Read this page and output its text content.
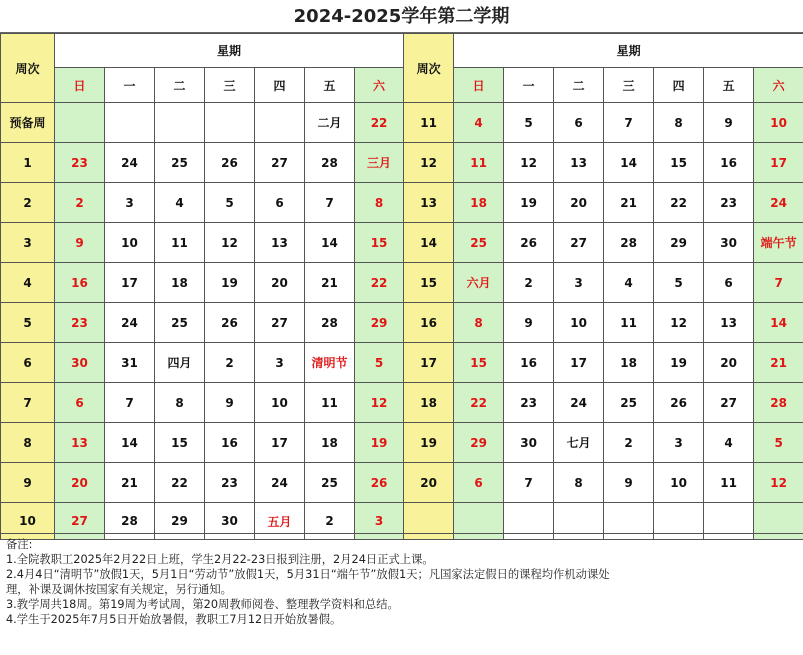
2024-2025学年第二学期
周次	星期							周次	星期						
	日	一	二	三	四	五	六		日	一	二	三	四	五	六
预备周						二月	22	11	4	5	6	7	8	9	10
1	23	24	25	26	27	28	三月	12	11	12	13	14	15	16	17
2	2	3	4	5	6	7	8	13	18	19	20	21	22	23	24
3	9	10	11	12	13	14	15	14	25	26	27	28	29	30	端午节
4	16	17	18	19	20	21	22	15	六月	2	3	4	5	6	7
5	23	24	25	26	27	28	29	16	8	9	10	11	12	13	14
6	30	31	四月	2	3	清明节	5	17	15	16	17	18	19	20	21
7	6	7	8	9	10	11	12	18	22	23	24	25	26	27	28
8	13	14	15	16	17	18	19	19	29	30	七月	2	3	4	5
9	20	21	22	23	24	25	26	20	6	7	8	9	10	11	12
10	27	28	29	30	五月	2	3								
备注:
1.全院教职工2025年2月22日上班，学生2月22-23日报到注册，2月24日正式上课。
2.4月4日“清明节”放假1天，5月1日“劳动节”放假1天，5月31日“端午节”放假1天；凡国家法定假日的课程均作机动课处
理，补课及调休按国家有关规定，另行通知。
3.教学周共18周。第19周为考试周，第20周教师阅卷、整理教学资料和总结。
4.学生于2025年7月5日开始放暑假，教职工7月12日开始放暑假。
